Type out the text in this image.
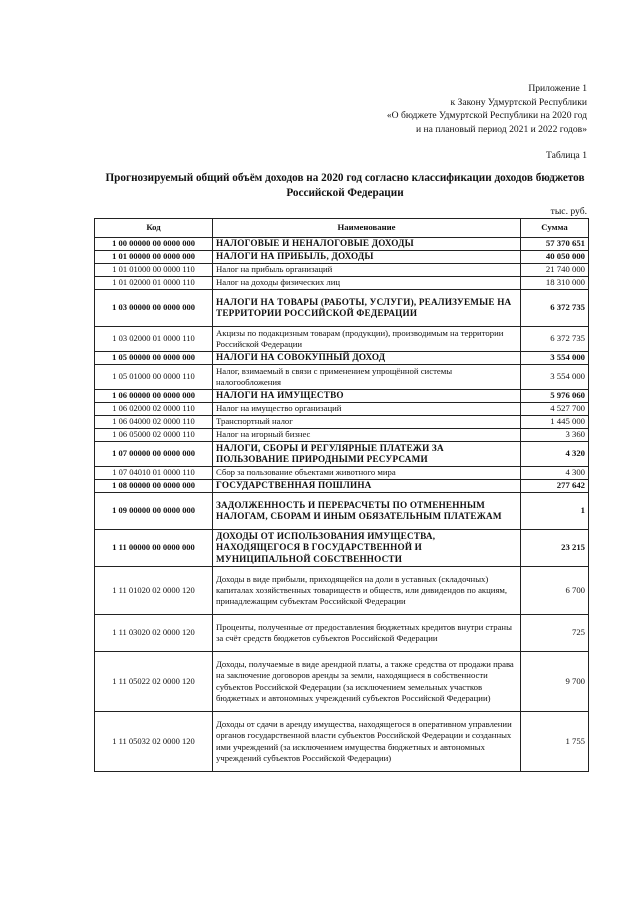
Приложение 1
к Закону Удмуртской Республики
«О бюджете Удмуртской Республики на 2020 год
и на плановый период 2021 и 2022 годов»
Таблица 1
Прогнозируемый общий объём доходов на 2020 год согласно классификации доходов бюджетов Российской Федерации
тыс. руб.
Код	Наименование	Сумма
1 00 00000 00 0000 000	НАЛОГОВЫЕ И НЕНАЛОГОВЫЕ ДОХОДЫ	57 370 651
1 01 00000 00 0000 000	НАЛОГИ НА ПРИБЫЛЬ, ДОХОДЫ	40 050 000
1 01 01000 00 0000 110	Налог на прибыль организаций	21 740 000
1 01 02000 01 0000 110	Налог на доходы физических лиц	18 310 000
1 03 00000 00 0000 000	НАЛОГИ НА ТОВАРЫ (РАБОТЫ, УСЛУГИ), РЕАЛИЗУЕМЫЕ НА ТЕРРИТОРИИ РОССИЙСКОЙ ФЕДЕРАЦИИ	6 372 735
1 03 02000 01 0000 110	Акцизы по подакцизным товарам (продукции), производимым на территории Российской Федерации	6 372 735
1 05 00000 00 0000 000	НАЛОГИ НА СОВОКУПНЫЙ ДОХОД	3 554 000
1 05 01000 00 0000 110	Налог, взимаемый в связи с применением упрощённой системы налогообложения	3 554 000
1 06 00000 00 0000 000	НАЛОГИ НА ИМУЩЕСТВО	5 976 060
1 06 02000 02 0000 110	Налог на имущество организаций	4 527 700
1 06 04000 02 0000 110	Транспортный налог	1 445 000
1 06 05000 02 0000 110	Налог на игорный бизнес	3 360
1 07 00000 00 0000 000	НАЛОГИ, СБОРЫ И РЕГУЛЯРНЫЕ ПЛАТЕЖИ ЗА ПОЛЬЗОВАНИЕ ПРИРОДНЫМИ РЕСУРСАМИ	4 320
1 07 04010 01 0000 110	Сбор за пользование объектами животного мира	4 300
1 08 00000 00 0000 000	ГОСУДАРСТВЕННАЯ ПОШЛИНА	277 642
1 09 00000 00 0000 000	ЗАДОЛЖЕННОСТЬ И ПЕРЕРАСЧЕТЫ ПО ОТМЕНЕННЫМ НАЛОГАМ, СБОРАМ И ИНЫМ ОБЯЗАТЕЛЬНЫМ ПЛАТЕЖАМ	1
1 11 00000 00 0000 000	ДОХОДЫ ОТ ИСПОЛЬЗОВАНИЯ ИМУЩЕСТВА, НАХОДЯЩЕГОСЯ В ГОСУДАРСТВЕННОЙ И МУНИЦИПАЛЬНОЙ СОБСТВЕННОСТИ	23 215
1 11 01020 02 0000 120	Доходы в виде прибыли, приходящейся на доли в уставных (складочных) капиталах хозяйственных товариществ и обществ, или дивидендов по акциям, принадлежащим субъектам Российской Федерации	6 700
1 11 03020 02 0000 120	Проценты, полученные от предоставления бюджетных кредитов внутри страны за счёт средств бюджетов субъектов Российской Федерации	725
1 11 05022 02 0000 120	Доходы, получаемые в виде арендной платы, а также средства от продажи права на заключение договоров аренды за земли, находящиеся в собственности субъектов Российской Федерации (за исключением земельных участков бюджетных и автономных учреждений субъектов Российской Федерации)	9 700
1 11 05032 02 0000 120	Доходы от сдачи в аренду имущества, находящегося в оперативном управлении органов государственной власти субъектов Российской Федерации и созданных ими учреждений (за исключением имущества бюджетных и автономных учреждений субъектов Российской Федерации)	1 755
